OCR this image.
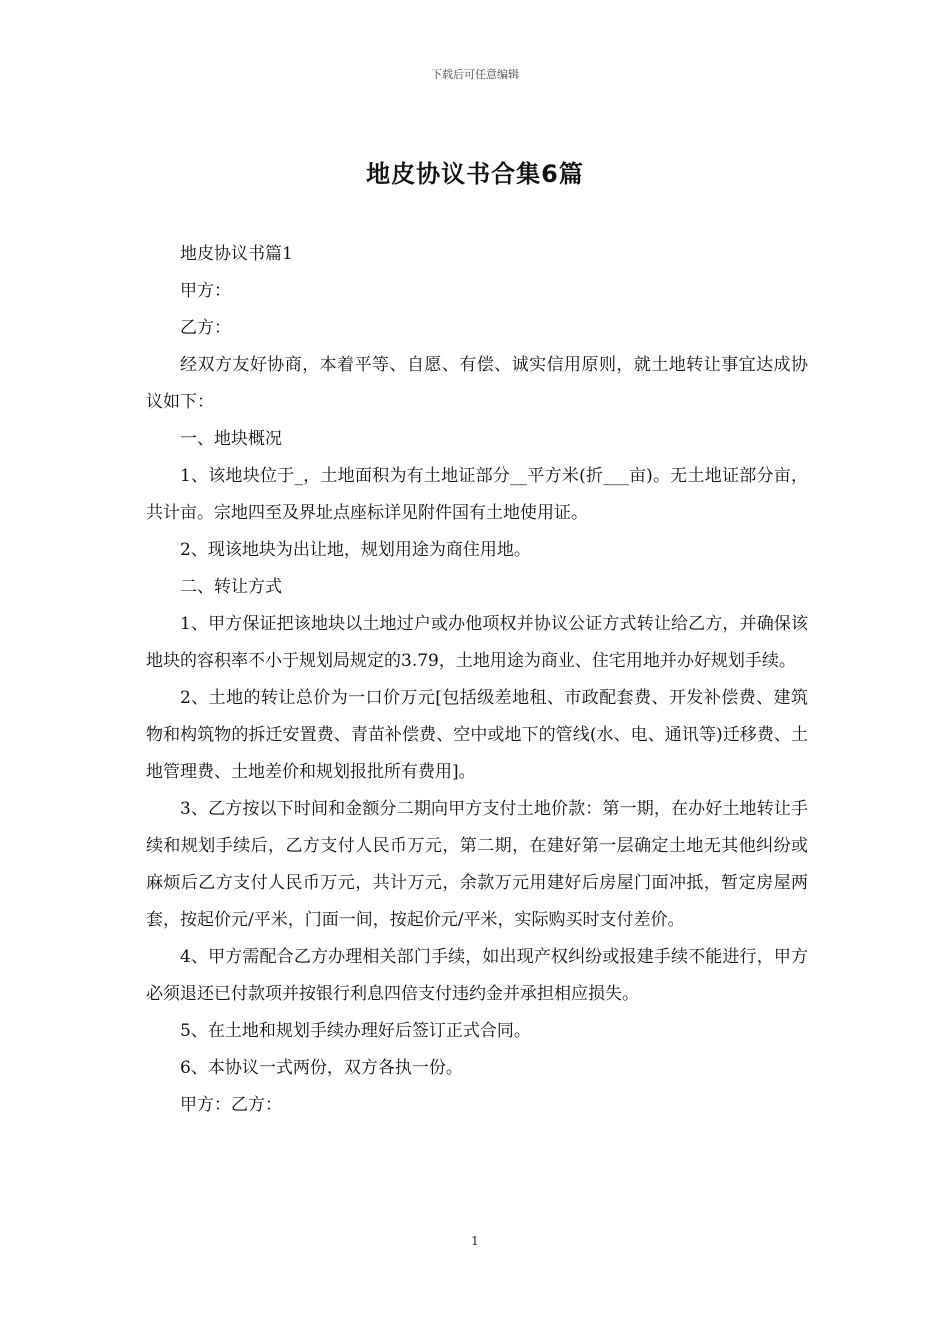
下载后可任意编辑
地皮协议书合集6篇

地皮协议书篇1

甲方：

乙方：

经双方友好协商，本着平等、自愿、有偿、诚实信用原则，就土地转让事宜达成协议如下：

一、地块概况

1、该地块位于_，土地面积为有土地证部分__平方米(折___亩)。无土地证部分亩，共计亩。宗地四至及界址点座标详见附件国有土地使用证。

2、现该地块为出让地，规划用途为商住用地。

二、转让方式

1、甲方保证把该地块以土地过户或办他项权并协议公证方式转让给乙方，并确保该地块的容积率不小于规划局规定的3.79，土地用途为商业、住宅用地并办好规划手续。

2、土地的转让总价为一口价万元[包括级差地租、市政配套费、开发补偿费、建筑物和构筑物的拆迁安置费、青苗补偿费、空中或地下的管线(水、电、通讯等)迁移费、土地管理费、土地差价和规划报批所有费用]。

3、乙方按以下时间和金额分二期向甲方支付土地价款：第一期，在办好土地转让手续和规划手续后，乙方支付人民币万元，第二期，在建好第一层确定土地无其他纠纷或麻烦后乙方支付人民币万元，共计万元，余款万元用建好后房屋门面冲抵，暂定房屋两套，按起价元/平米，门面一间，按起价元/平米，实际购买时支付差价。

4、甲方需配合乙方办理相关部门手续，如出现产权纠纷或报建手续不能进行，甲方必须退还已付款项并按银行利息四倍支付违约金并承担相应损失。

5、在土地和规划手续办理好后签订正式合同。

6、本协议一式两份，双方各执一份。

甲方：乙方：

1
